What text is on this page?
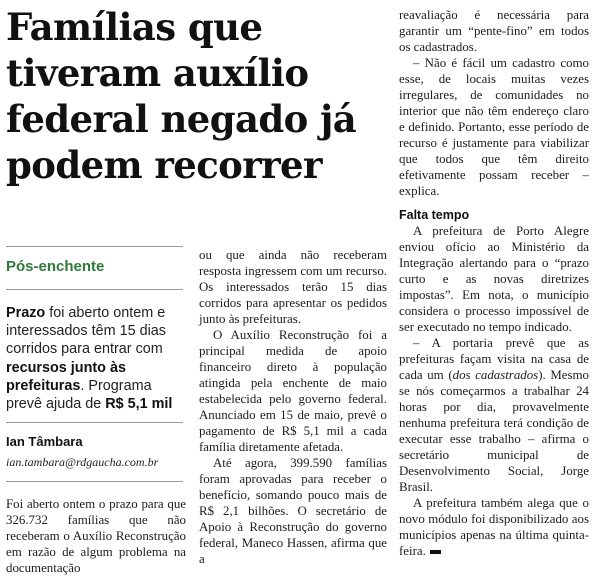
Famílias que tiveram auxílio federal negado já podem recorrer
Pós-enchente

Prazo foi aberto ontem e interessados têm 15 dias corridos para entrar com recursos junto às prefeituras. Programa prevê ajuda de R$ 5,1 mil

Ian Tâmbara
ian.tambara@rdgaucha.com.br

Foi aberto ontem o prazo para que 326.732 famílias que não receberam o Auxílio Reconstrução em razão de algum problema na documentação

ou que ainda não receberam resposta ingressem com um recurso. Os interessados terão 15 dias corridos para apresentar os pedidos junto às prefeituras.

O Auxílio Reconstrução foi a principal medida de apoio financeiro direto à população atingida pela enchente de maio estabelecida pelo governo federal. Anunciado em 15 de maio, prevê o pagamento de R$ 5,1 mil a cada família diretamente afetada.

Até agora, 399.590 famílias foram aprovadas para receber o benefício, somando pouco mais de R$ 2,1 bilhões. O secretário de Apoio à Reconstrução do governo federal, Maneco Hassen, afirma que a

reavaliação é necessária para garantir um “pente-fino” em todos os cadastrados.

– Não é fácil um cadastro como esse, de locais muitas vezes irregulares, de comunidades no interior que não têm endereço claro e definido. Portanto, esse período de recurso é justamente para viabilizar que todos que têm direito efetivamente possam receber – explica.

Falta tempo

A prefeitura de Porto Alegre enviou ofício ao Ministério da Integração alertando para o “prazo curto e as novas diretrizes impostas”. Em nota, o município considera o processo impossível de ser executado no tempo indicado.

– A portaria prevê que as prefeituras façam visita na casa de cada um (dos cadastrados). Mesmo se nós começarmos a trabalhar 24 horas por dia, provavelmente nenhuma prefeitura terá condição de executar esse trabalho – afirma o secretário municipal de Desenvolvimento Social, Jorge Brasil.

A prefeitura também alega que o novo módulo foi disponibilizado aos municípios apenas na última quinta-feira.
